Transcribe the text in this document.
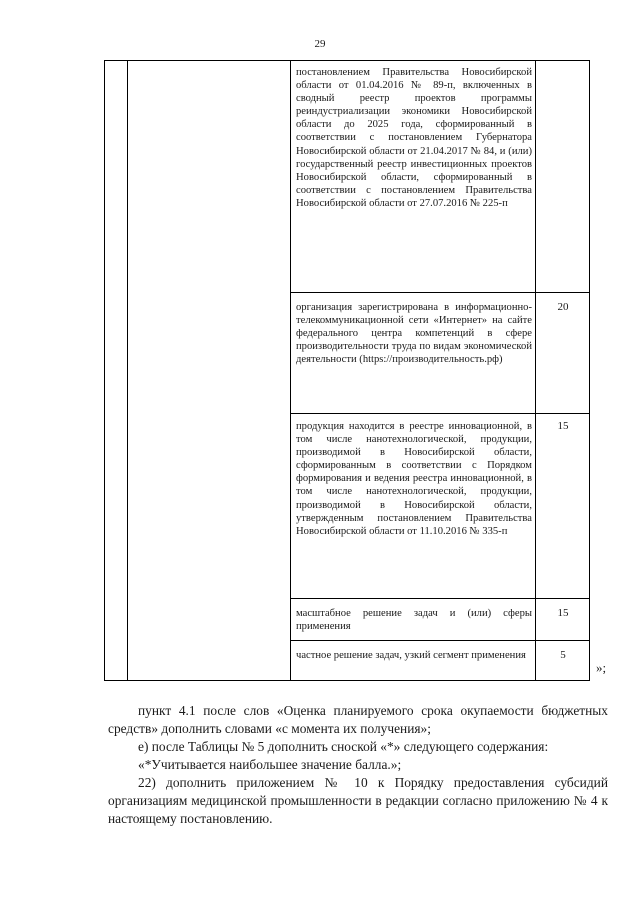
29
постановлением Правительства Новосибирской области от 01.04.2016 № 89-п, включенных в сводный реестр проектов программы реиндустриализации экономики Новосибирской области до 2025 года, сформированный в соответствии с постановлением Губернатора Новосибирской области от 21.04.2017 № 84, и (или) государственный реестр инвестиционных проектов Новосибирской области, сформированный в соответствии с постановлением Правительства Новосибирской области от 27.07.2016 № 225-п
организация зарегистрирована в информационно-телекоммуникационной сети «Интернет» на сайте федерального центра компетенций в сфере производительности труда по видам экономической деятельности (https://производительность.рф)
20
продукция находится в реестре инновационной, в том числе нанотехнологической, продукции, производимой в Новосибирской области, сформированным в соответствии с Порядком формирования и ведения реестра инновационной, в том числе нанотехнологической, продукции, производимой в Новосибирской области, утвержденным постановлением Правительства Новосибирской области от 11.10.2016 № 335-п
15
масштабное решение задач и (или) сферы применения
15
частное решение задач, узкий сегмент применения	5
»;

пункт 4.1 после слов «Оценка планируемого срока окупаемости бюджетных средств» дополнить словами «с момента их получения»;

е) после Таблицы № 5 дополнить сноской «*» следующего содержания:

«*Учитывается наибольшее значение балла.»;

22) дополнить приложением № 10 к Порядку предоставления субсидий организациям медицинской промышленности в редакции согласно приложению № 4 к настоящему постановлению.
